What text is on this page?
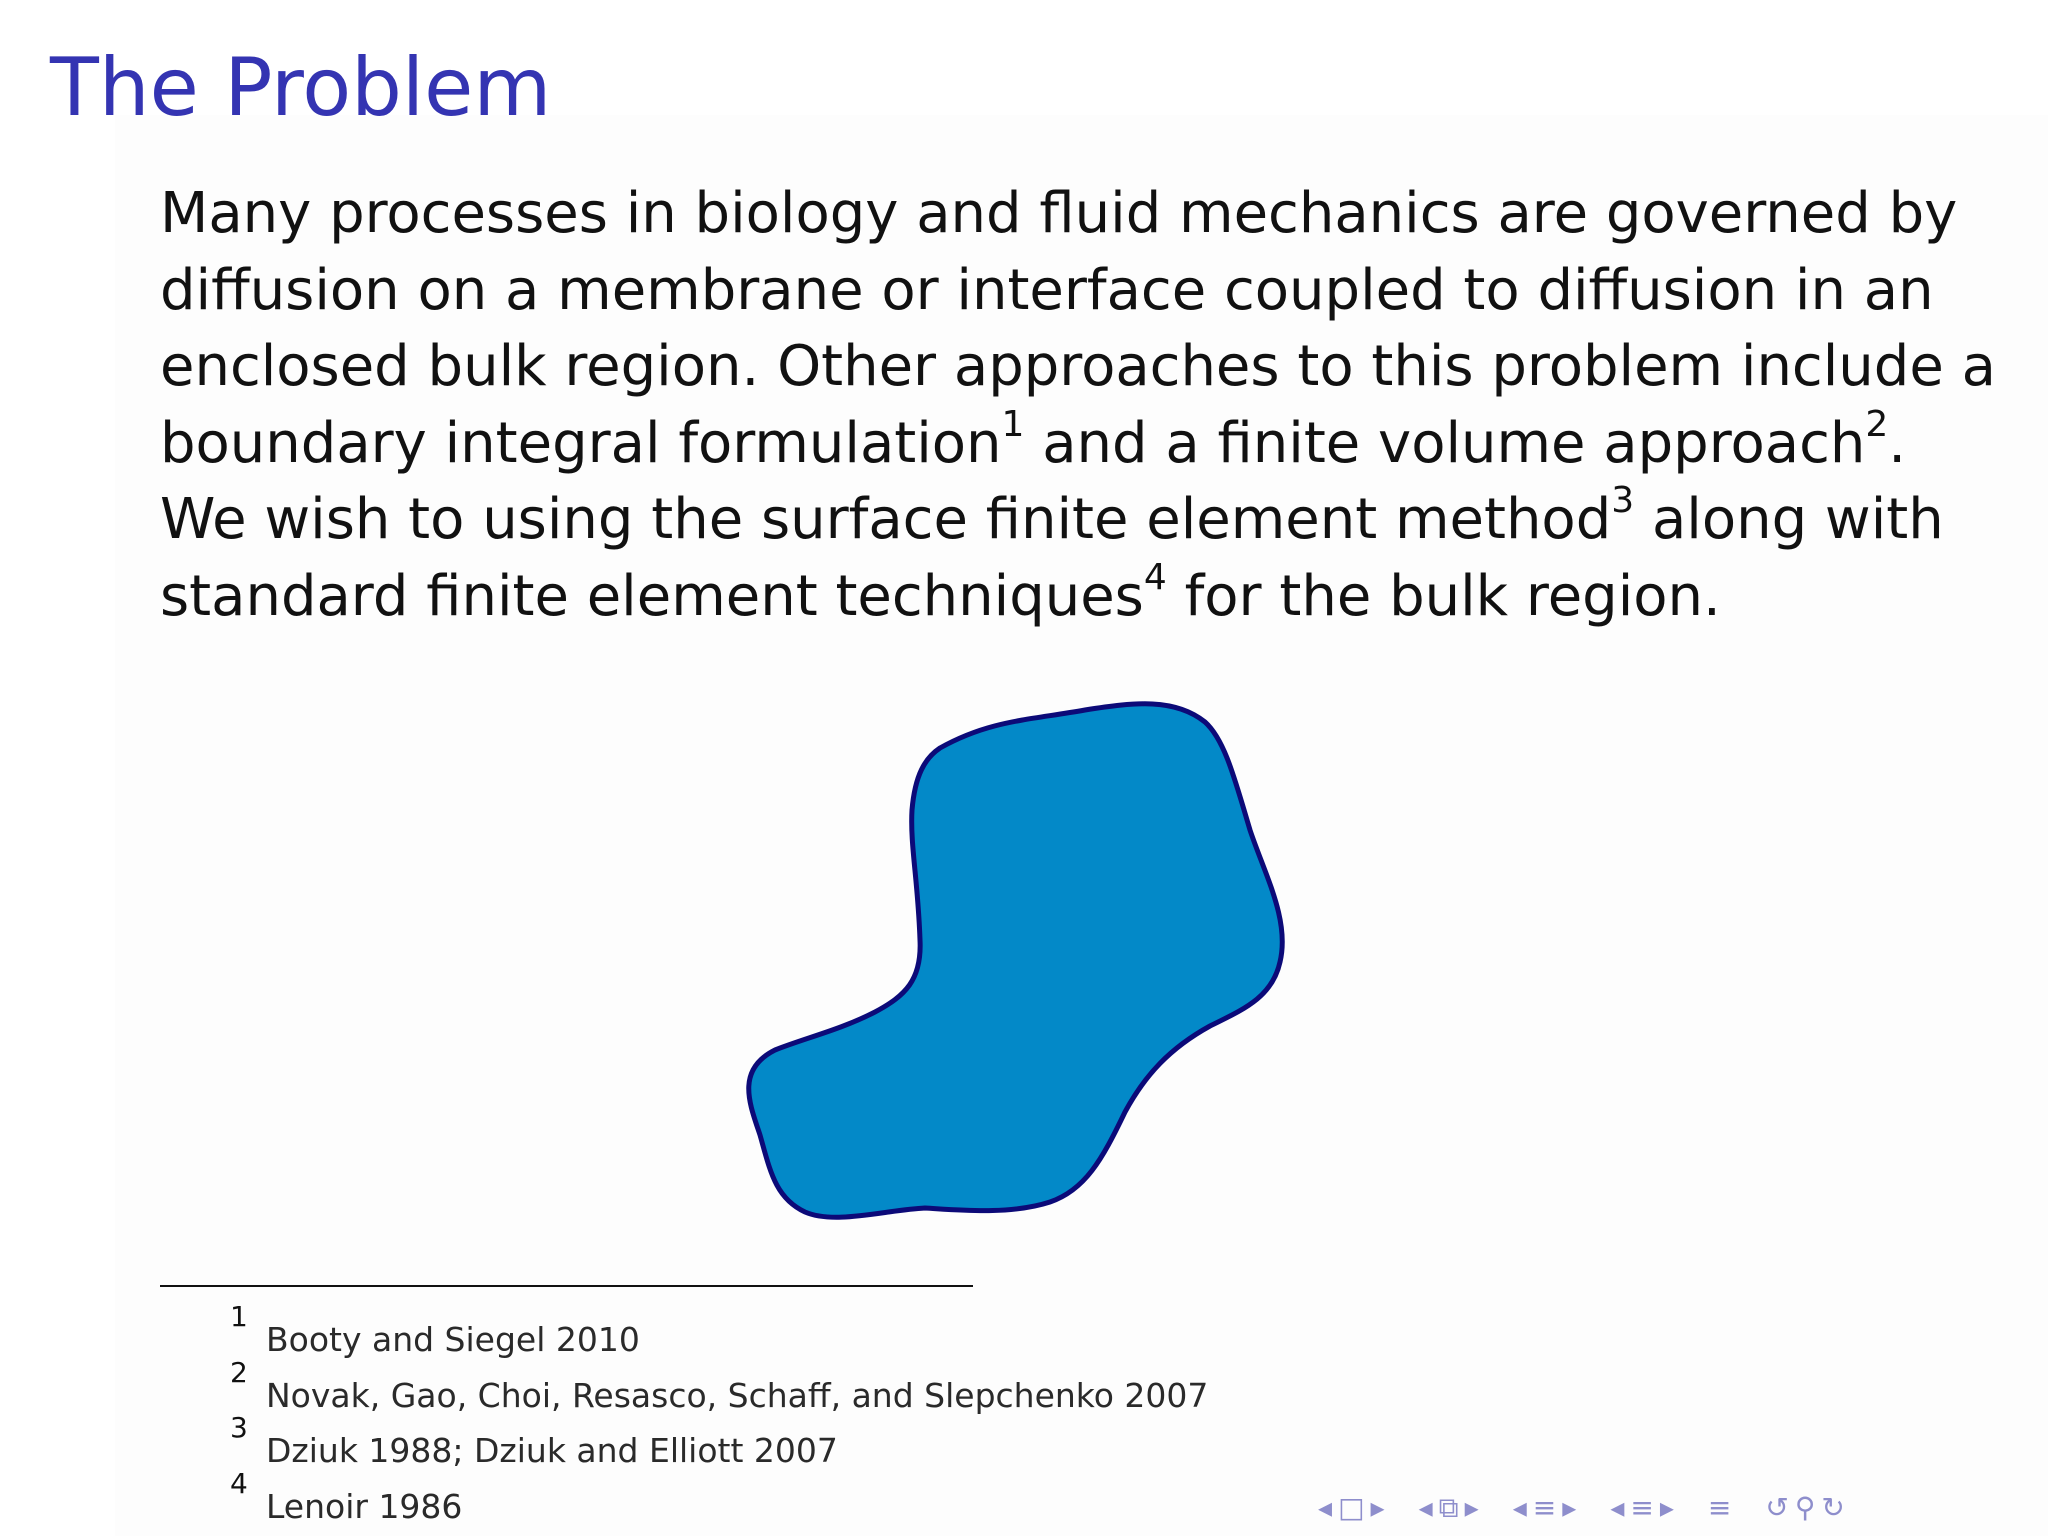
The Problem

Many processes in biology and fluid mechanics are governed by diffusion on a membrane or interface coupled to diffusion in an enclosed bulk region. Other approaches to this problem include a boundary integral formulation$^1$ and a finite volume approach$^2$. We wish to using the surface finite element method$^3$ along with standard finite element techniques$^4$ for the bulk region.

1
Booty and Siegel 2010
2
Novak, Gao, Choi, Resasco, Schaff, and Slepchenko 2007
3
Dziuk 1988; Dziuk and Elliott 2007
4
Lenoir 1986	◂ □ ▸ ◂ ⧉ ▸ ◂ ≡ ▸ ◂ ≡ ▸ ≡ ↺ ⚲ ↻
